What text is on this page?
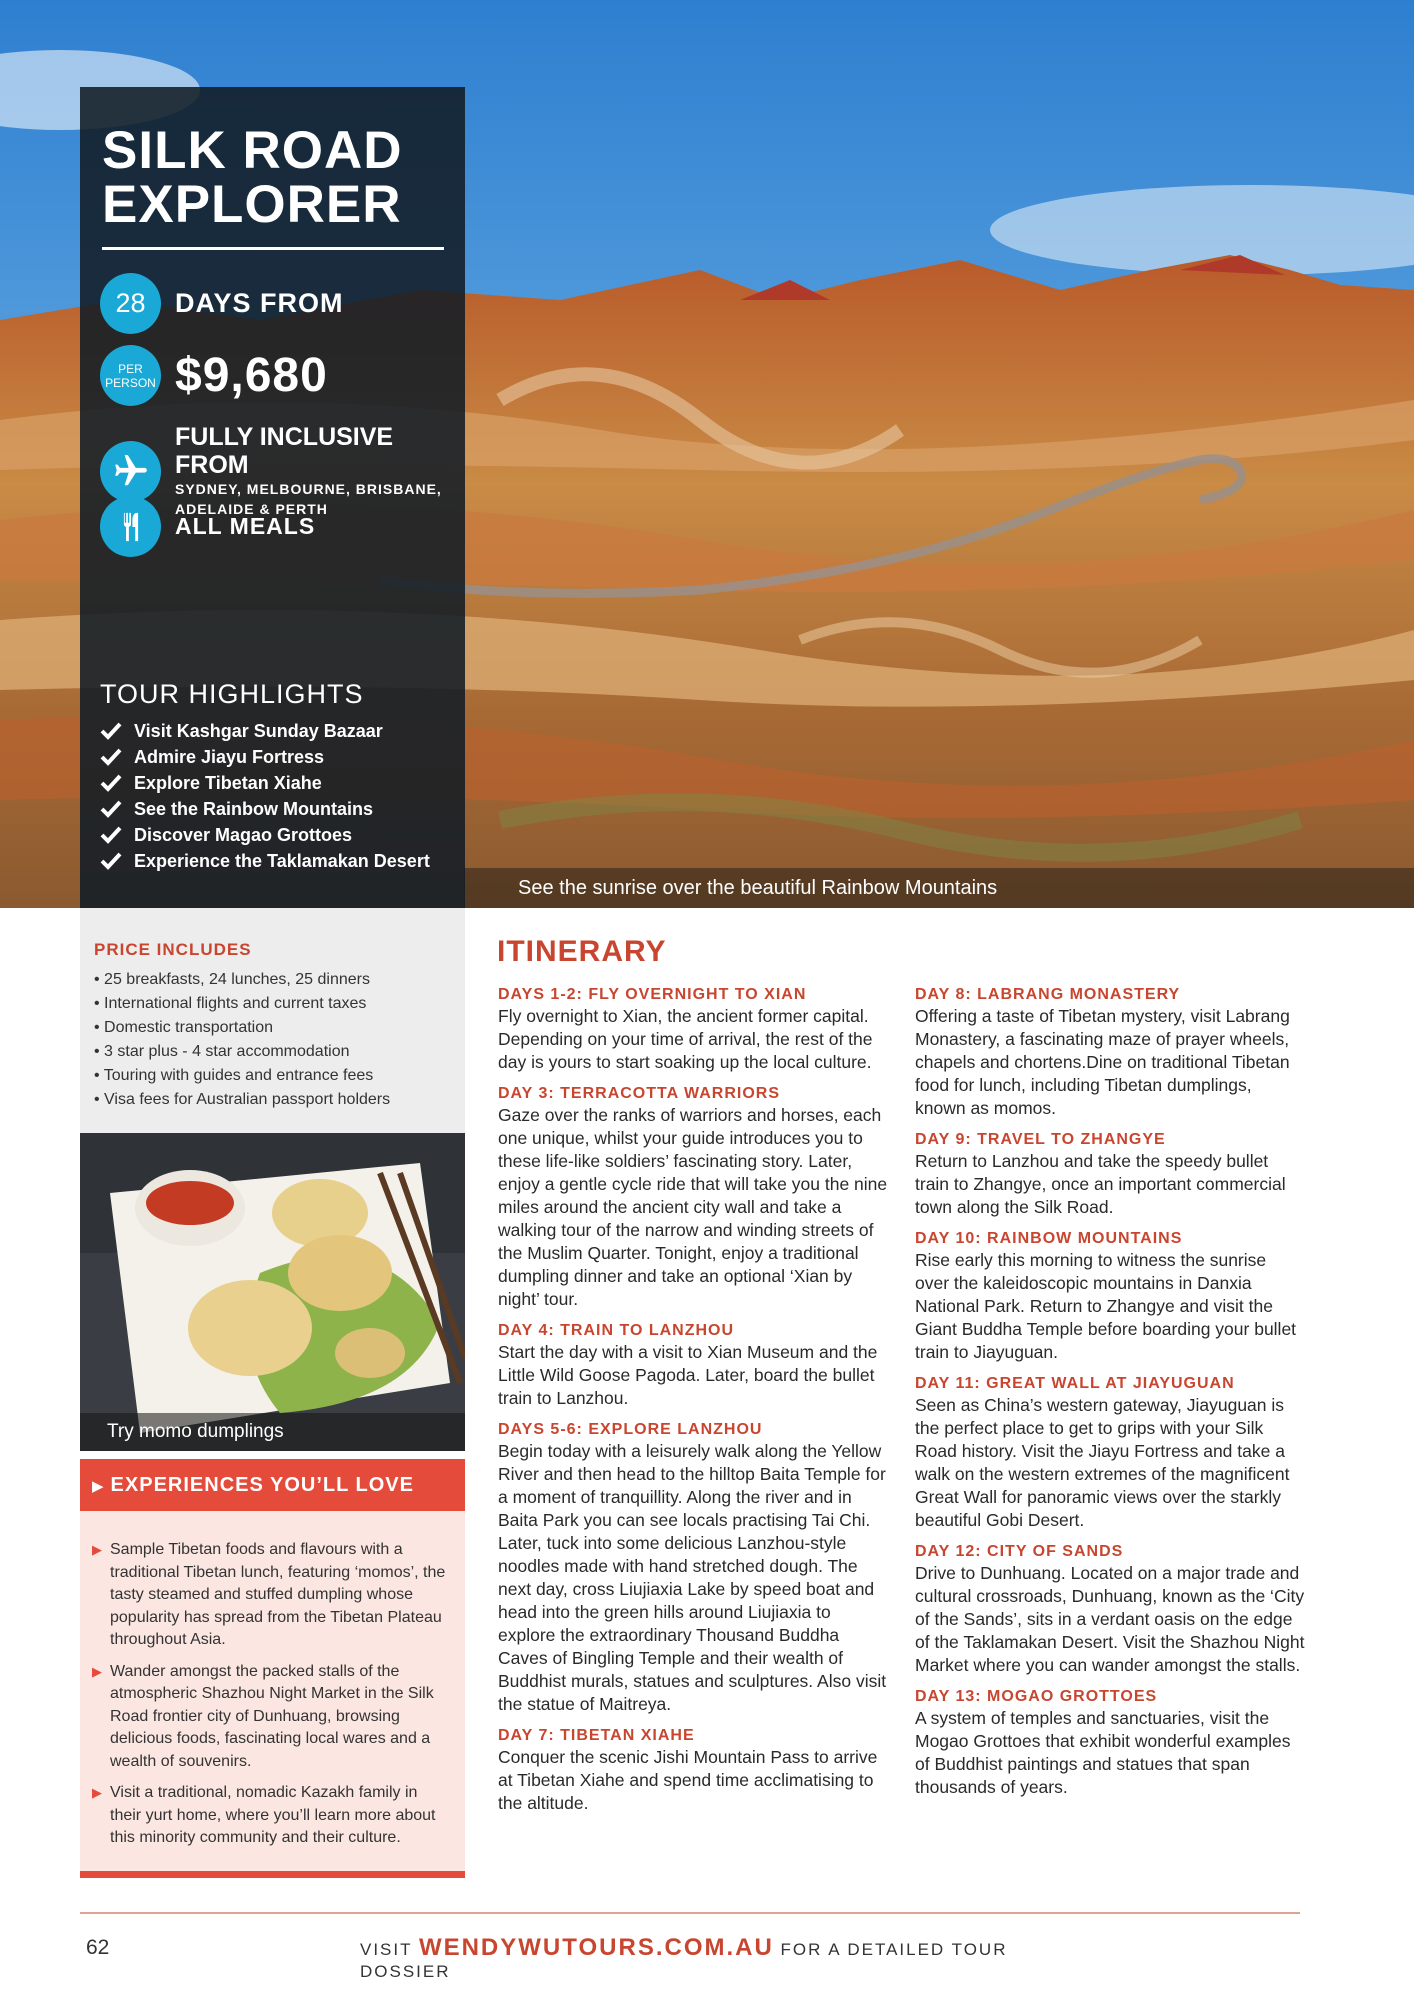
See the sunrise over the beautiful Rainbow Mountains
SILK ROAD EXPLORER
28	DAYS FROM
PER PERSON $9,680
FULLY INCLUSIVE FROM
SYDNEY, MELBOURNE, BRISBANE, ADELAIDE & PERTH
ALL MEALS
TOUR HIGHLIGHTS
Visit Kashgar Sunday Bazaar
Admire Jiayu Fortress
Explore Tibetan Xiahe
See the Rainbow Mountains
Discover Magao Grottoes
Experience the Taklamakan Desert
PRICE INCLUDES
• 25 breakfasts, 24 lunches, 25 dinners
• International flights and current taxes
• Domestic transportation
• 3 star plus - 4 star accommodation
• Touring with guides and entrance fees
• Visa fees for Australian passport holders
Try momo dumplings
▶ EXPERIENCES YOU’LL LOVE
▶ Sample Tibetan foods and flavours with a traditional Tibetan lunch, featuring ‘momos’, the tasty steamed and stuffed dumpling whose popularity has spread from the Tibetan Plateau throughout Asia.
▶ Wander amongst the packed stalls of the atmospheric Shazhou Night Market in the Silk Road frontier city of Dunhuang, browsing delicious foods, fascinating local wares and a wealth of souvenirs.
▶ Visit a traditional, nomadic Kazakh family in their yurt home, where you’ll learn more about this minority community and their culture.
ITINERARY
DAYS 1-2: FLY OVERNIGHT TO XIAN
Fly overnight to Xian, the ancient former capital. Depending on your time of arrival, the rest of the day is yours to start soaking up the local culture.
DAY 3: TERRACOTTA WARRIORS
Gaze over the ranks of warriors and horses, each one unique, whilst your guide introduces you to these life-like soldiers’ fascinating story. Later, enjoy a gentle cycle ride that will take you the nine miles around the ancient city wall and take a walking tour of the narrow and winding streets of the Muslim Quarter. Tonight, enjoy a traditional dumpling dinner and take an optional ‘Xian by night’ tour.
DAY 4: TRAIN TO LANZHOU
Start the day with a visit to Xian Museum and the Little Wild Goose Pagoda. Later, board the bullet train to Lanzhou.
DAYS 5-6: EXPLORE LANZHOU
Begin today with a leisurely walk along the Yellow River and then head to the hilltop Baita Temple for a moment of tranquillity. Along the river and in Baita Park you can see locals practising Tai Chi. Later, tuck into some delicious Lanzhou-style noodles made with hand stretched dough. The next day, cross Liujiaxia Lake by speed boat and head into the green hills around Liujiaxia to explore the extraordinary Thousand Buddha Caves of Bingling Temple and their wealth of Buddhist murals, statues and sculptures. Also visit the statue of Maitreya.
DAY 7: TIBETAN XIAHE
Conquer the scenic Jishi Mountain Pass to arrive at Tibetan Xiahe and spend time acclimatising to the altitude.
DAY 8: LABRANG MONASTERY
Offering a taste of Tibetan mystery, visit Labrang Monastery, a fascinating maze of prayer wheels, chapels and chortens.Dine on traditional Tibetan food for lunch, including Tibetan dumplings, known as momos.
DAY 9: TRAVEL TO ZHANGYE
Return to Lanzhou and take the speedy bullet train to Zhangye, once an important commercial town along the Silk Road.
DAY 10: RAINBOW MOUNTAINS
Rise early this morning to witness the sunrise over the kaleidoscopic mountains in Danxia National Park. Return to Zhangye and visit the Giant Buddha Temple before boarding your bullet train to Jiayuguan.
DAY 11: GREAT WALL AT JIAYUGUAN
Seen as China’s western gateway, Jiayuguan is the perfect place to get to grips with your Silk Road history. Visit the Jiayu Fortress and take a walk on the western extremes of the magnificent Great Wall for panoramic views over the starkly beautiful Gobi Desert.
DAY 12: CITY OF SANDS
Drive to Dunhuang. Located on a major trade and cultural crossroads, Dunhuang, known as the ‘City of the Sands’, sits in a verdant oasis on the edge of the Taklamakan Desert. Visit the Shazhou Night Market where you can wander amongst the stalls.
DAY 13: MOGAO GROTTOES
A system of temples and sanctuaries, visit the Mogao Grottoes that exhibit wonderful examples of Buddhist paintings and statues that span thousands of years.
62	VISIT WENDYWUTOURS.COM.AU FOR A DETAILED TOUR DOSSIER
